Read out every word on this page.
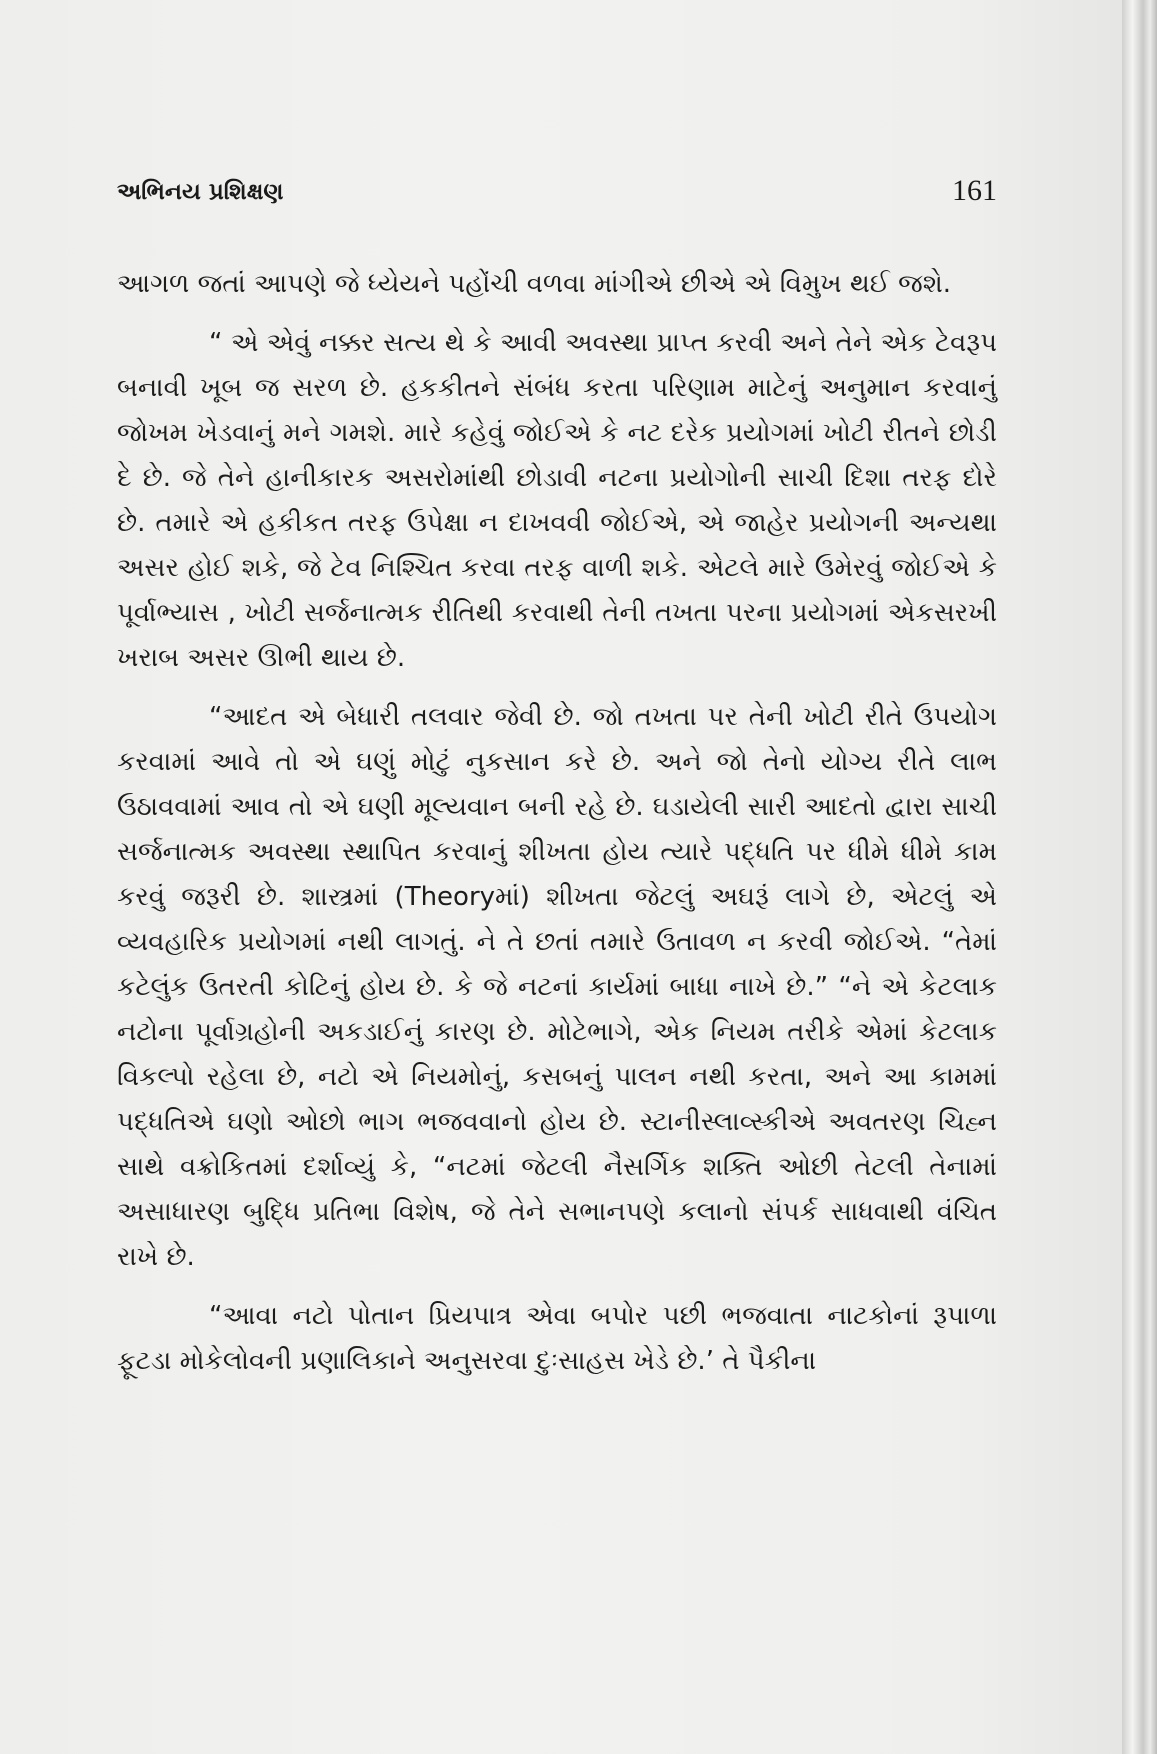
અભિનય પ્રશિક્ષણ	161

આગળ જતાં આપણે જે ધ્યેયને પહોંચી વળવા માંગીએ છીએ એ વિમુખ થઈ જશે.

“ એ એવું નક્કર સત્ય થે કે આવી અવસ્થા પ્રાપ્ત કરવી અને તેને એક ટેવરૂપ બનાવી ખૂબ જ સરળ છે. હકકીતને સંબંધ કરતા પરિણામ માટેનું અનુમાન કરવાનું જોખમ ખેડવાનું મને ગમશે. મારે કહેવું જોઈએ કે નટ દરેક પ્રયોગમાં ખોટી રીતને છોડી દે છે. જે તેને હાનીકારક અસરોમાંથી છોડાવી નટના પ્રયોગોની સાચી દિશા તરફ દોરે છે. તમારે એ હકીકત તરફ ઉપેક્ષા ન દાખવવી જોઈએ, એ જાહેર પ્રયોગની અન્યથા અસર હોઈ શકે, જે ટેવ નિશ્ચિત કરવા તરફ વાળી શકે. એટલે મારે ઉમેરવું જોઈએ કે પૂર્વાભ્યાસ , ખોટી સર્જનાત્મક રીતિથી કરવાથી તેની તખતા પરના પ્રયોગમાં એકસરખી ખરાબ અસર ઊભી થાય છે.

“આદત એ બેધારી તલવાર જેવી છે. જો તખતા પર તેની ખોટી રીતે ઉપયોગ કરવામાં આવે તો એ ઘણું મોટું નુકસાન કરે છે. અને જો તેનો યોગ્ય રીતે લાભ ઉઠાવવામાં આવ તો એ ઘણી મૂલ્યવાન બની રહે છે. ઘડાયેલી સારી આદતો દ્વારા સાચી સર્જનાત્મક અવસ્થા સ્થાપિત કરવાનું શીખતા હોય ત્યારે પદ્ધતિ પર ધીમે ધીમે કામ કરવું જરૂરી છે. શાસ્ત્રમાં (Theoryમાં) શીખતા જેટલું અઘરૂં લાગે છે, એટલું એ વ્યવહારિક પ્રયોગમાં નથી લાગતું. ને તે છતાં તમારે ઉતાવળ ન કરવી જોઈએ. “તેમાં કટેલુંક ઉતરતી કોટિનું હોય છે. કે જે નટનાં કાર્યમાં બાધા નાખે છે.” “ને એ કેટલાક નટોના પૂર્વાગ્રહોની અકડાઈનું કારણ છે. મોટેભાગે, એક નિયમ તરીકે એમાં કેટલાક વિકલ્પો રહેલા છે, નટો એ નિયમોનું, કસબનું પાલન નથી કરતા, અને આ કામમાં પદ્ધતિએ ઘણો ઓછો ભાગ ભજવવાનો હોય છે. સ્ટાનીસ્લાવ્સ્કીએ અવતરણ ચિહ્ન સાથે વક્રોકિતમાં દર્શાવ્યું કે, “નટમાં જેટલી નૈસર્ગિક શક્તિ ઓછી તેટલી તેનામાં અસાધારણ બુદ્ધિ પ્રતિભા વિશેષ, જે તેને સભાનપણે કલાનો સંપર્ક સાધવાથી વંચિત રાખે છે.

“આવા નટો પોતાન પ્રિયપાત્ર એવા બપોર પછી ભજવાતા નાટકોનાં રૂપાળા ફૂટડા મોકેલોવની પ્રણાલિકાને અનુસરવા દુઃસાહસ ખેડે છે.’ તે પૈકીના
